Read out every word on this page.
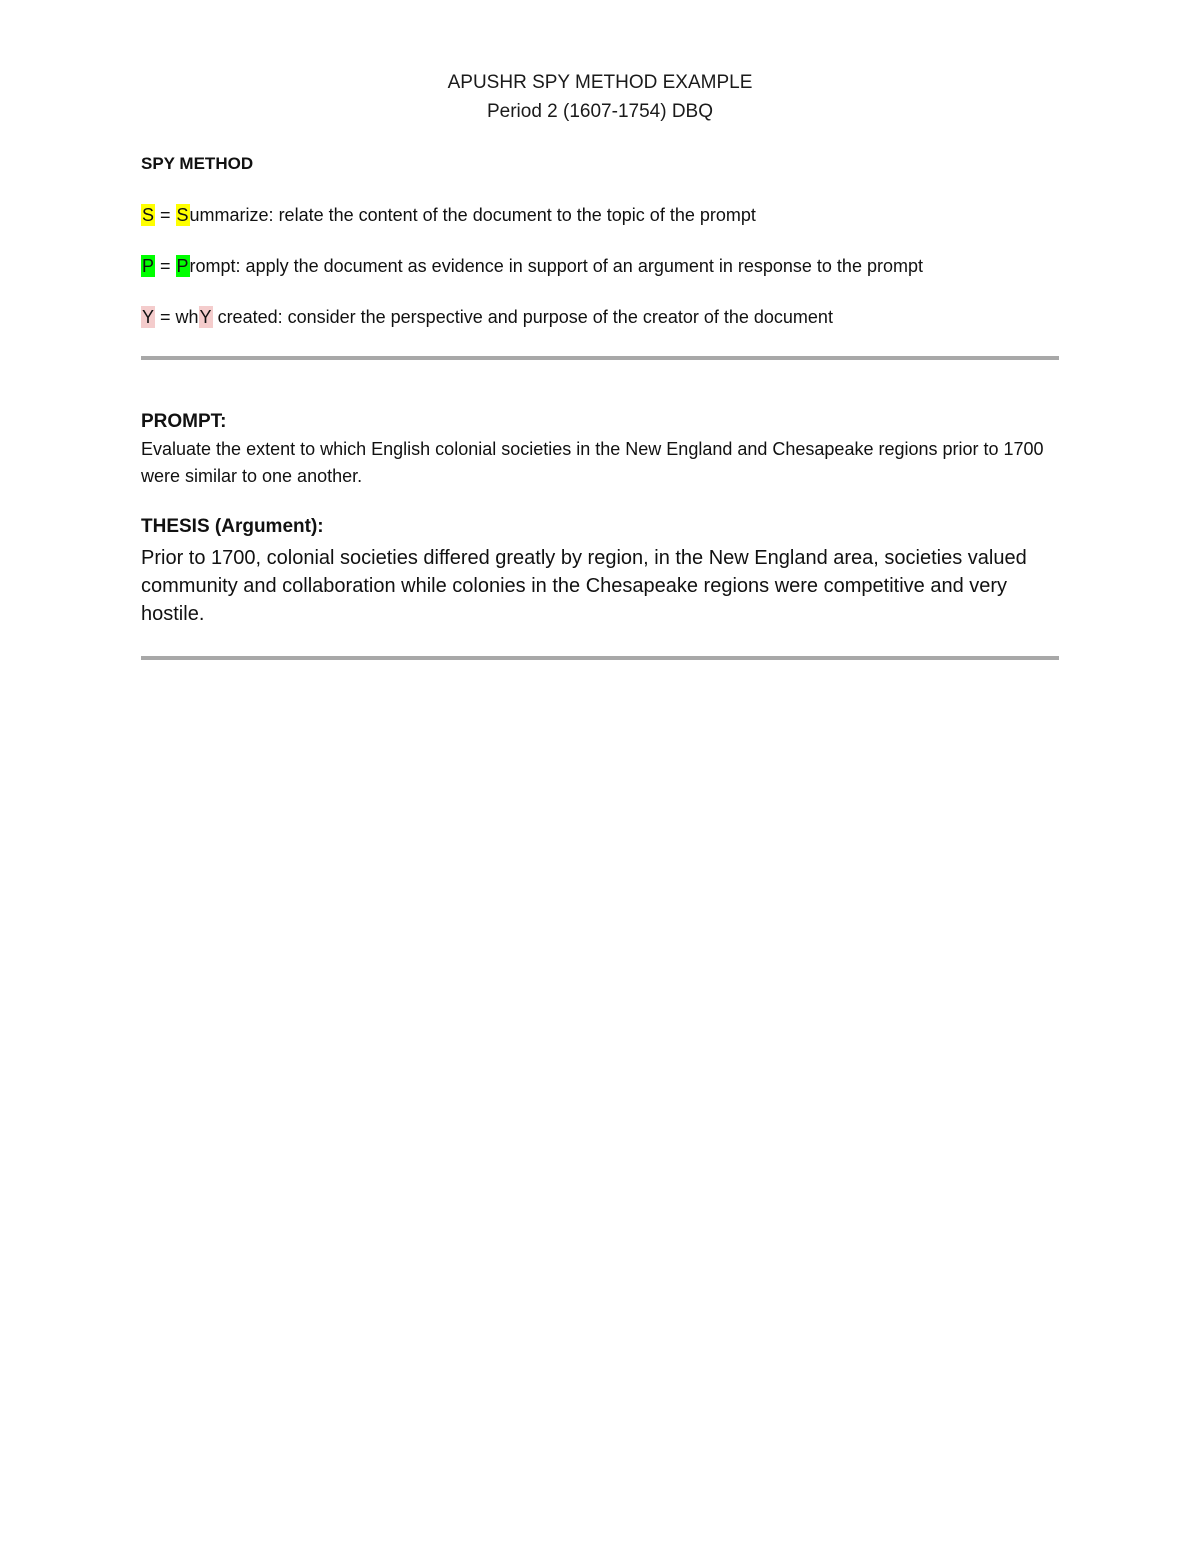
APUSHR SPY METHOD EXAMPLE
Period 2 (1607-1754) DBQ
SPY METHOD
S = Summarize: relate the content of the document to the topic of the prompt
P = Prompt: apply the document as evidence in support of an argument in response to the prompt
Y = whY created: consider the perspective and purpose of the creator of the document
PROMPT:
Evaluate the extent to which English colonial societies in the New England and Chesapeake regions prior to 1700 were similar to one another.
THESIS (Argument):
Prior to 1700, colonial societies differed greatly by region, in the New England area, societies valued community and collaboration while colonies in the Chesapeake regions were competitive and very hostile.
